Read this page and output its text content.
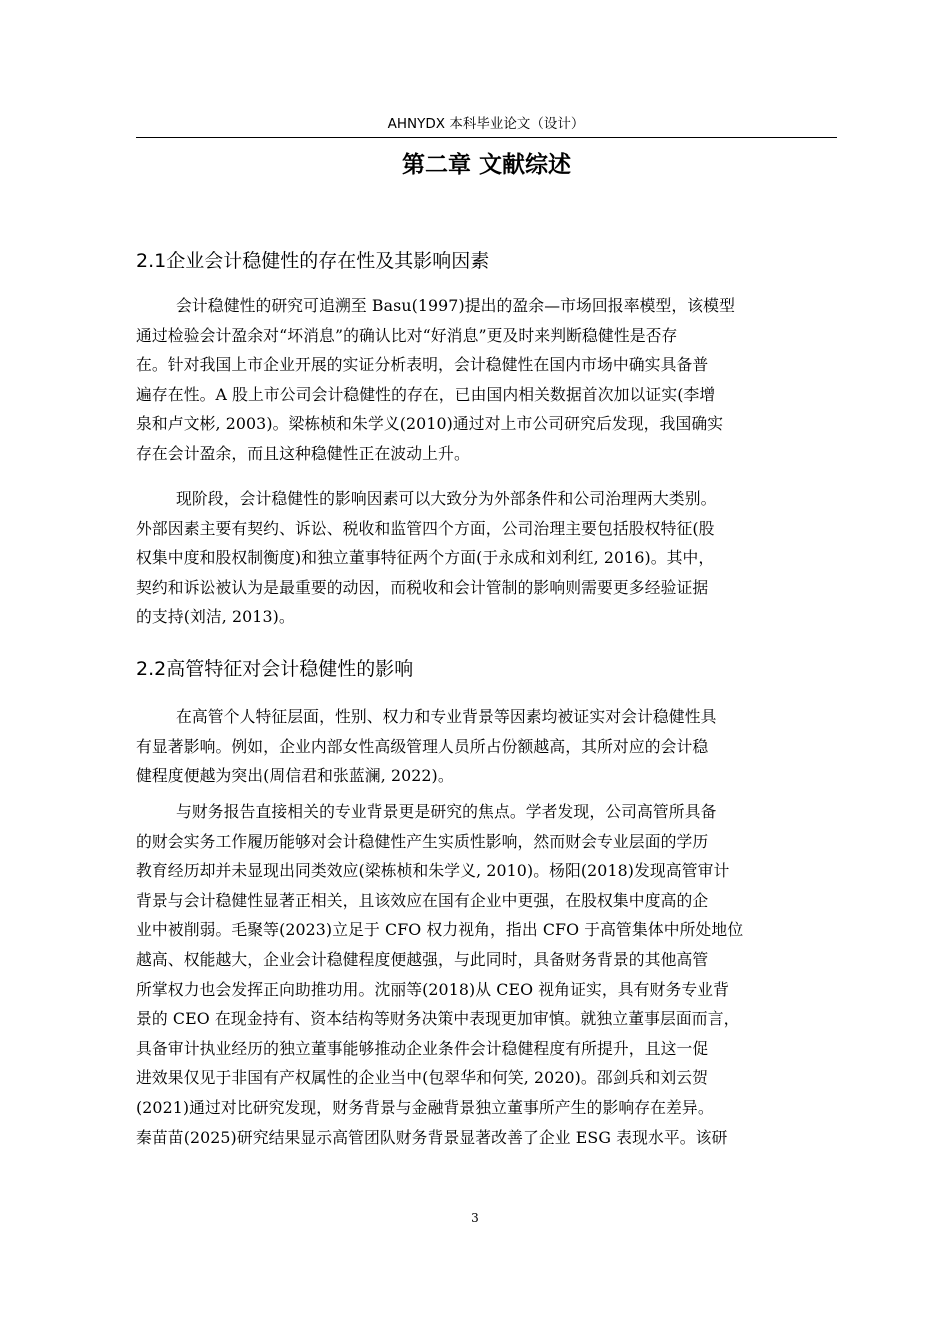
AHNYDX 本科毕业论文（设计）
第二章 文献综述
2.1企业会计稳健性的存在性及其影响因素
会计稳健性的研究可追溯至 Basu(1997)提出的盈余—市场回报率模型，该模型
通过检验会计盈余对“坏消息”的确认比对“好消息”更及时来判断稳健性是否存
在。针对我国上市企业开展的实证分析表明，会计稳健性在国内市场中确实具备普
遍存在性。A 股上市公司会计稳健性的存在，已由国内相关数据首次加以证实(李增
泉和卢文彬, 2003)。梁栋桢和朱学义(2010)通过对上市公司研究后发现，我国确实
存在会计盈余，而且这种稳健性正在波动上升。
现阶段，会计稳健性的影响因素可以大致分为外部条件和公司治理两大类别。
外部因素主要有契约、诉讼、税收和监管四个方面，公司治理主要包括股权特征(股
权集中度和股权制衡度)和独立董事特征两个方面(于永成和刘利红, 2016)。其中，
契约和诉讼被认为是最重要的动因，而税收和会计管制的影响则需要更多经验证据
的支持(刘洁, 2013)。
2.2高管特征对会计稳健性的影响
在高管个人特征层面，性别、权力和专业背景等因素均被证实对会计稳健性具
有显著影响。例如，企业内部女性高级管理人员所占份额越高，其所对应的会计稳
健程度便越为突出(周信君和张蓝澜, 2022)。
与财务报告直接相关的专业背景更是研究的焦点。学者发现，公司高管所具备
的财会实务工作履历能够对会计稳健性产生实质性影响，然而财会专业层面的学历
教育经历却并未显现出同类效应(梁栋桢和朱学义, 2010)。杨阳(2018)发现高管审计
背景与会计稳健性显著正相关，且该效应在国有企业中更强，在股权集中度高的企
业中被削弱。毛聚等(2023)立足于 CFO 权力视角，指出 CFO 于高管集体中所处地位
越高、权能越大，企业会计稳健程度便越强，与此同时，具备财务背景的其他高管
所掌权力也会发挥正向助推功用。沈丽等(2018)从 CEO 视角证实，具有财务专业背
景的 CEO 在现金持有、资本结构等财务决策中表现更加审慎。就独立董事层面而言，
具备审计执业经历的独立董事能够推动企业条件会计稳健程度有所提升，且这一促
进效果仅见于非国有产权属性的企业当中(包翠华和何笑, 2020)。邵剑兵和刘云贺
(2021)通过对比研究发现，财务背景与金融背景独立董事所产生的影响存在差异。
秦苗苗(2025)研究结果显示高管团队财务背景显著改善了企业 ESG 表现水平。该研
3
